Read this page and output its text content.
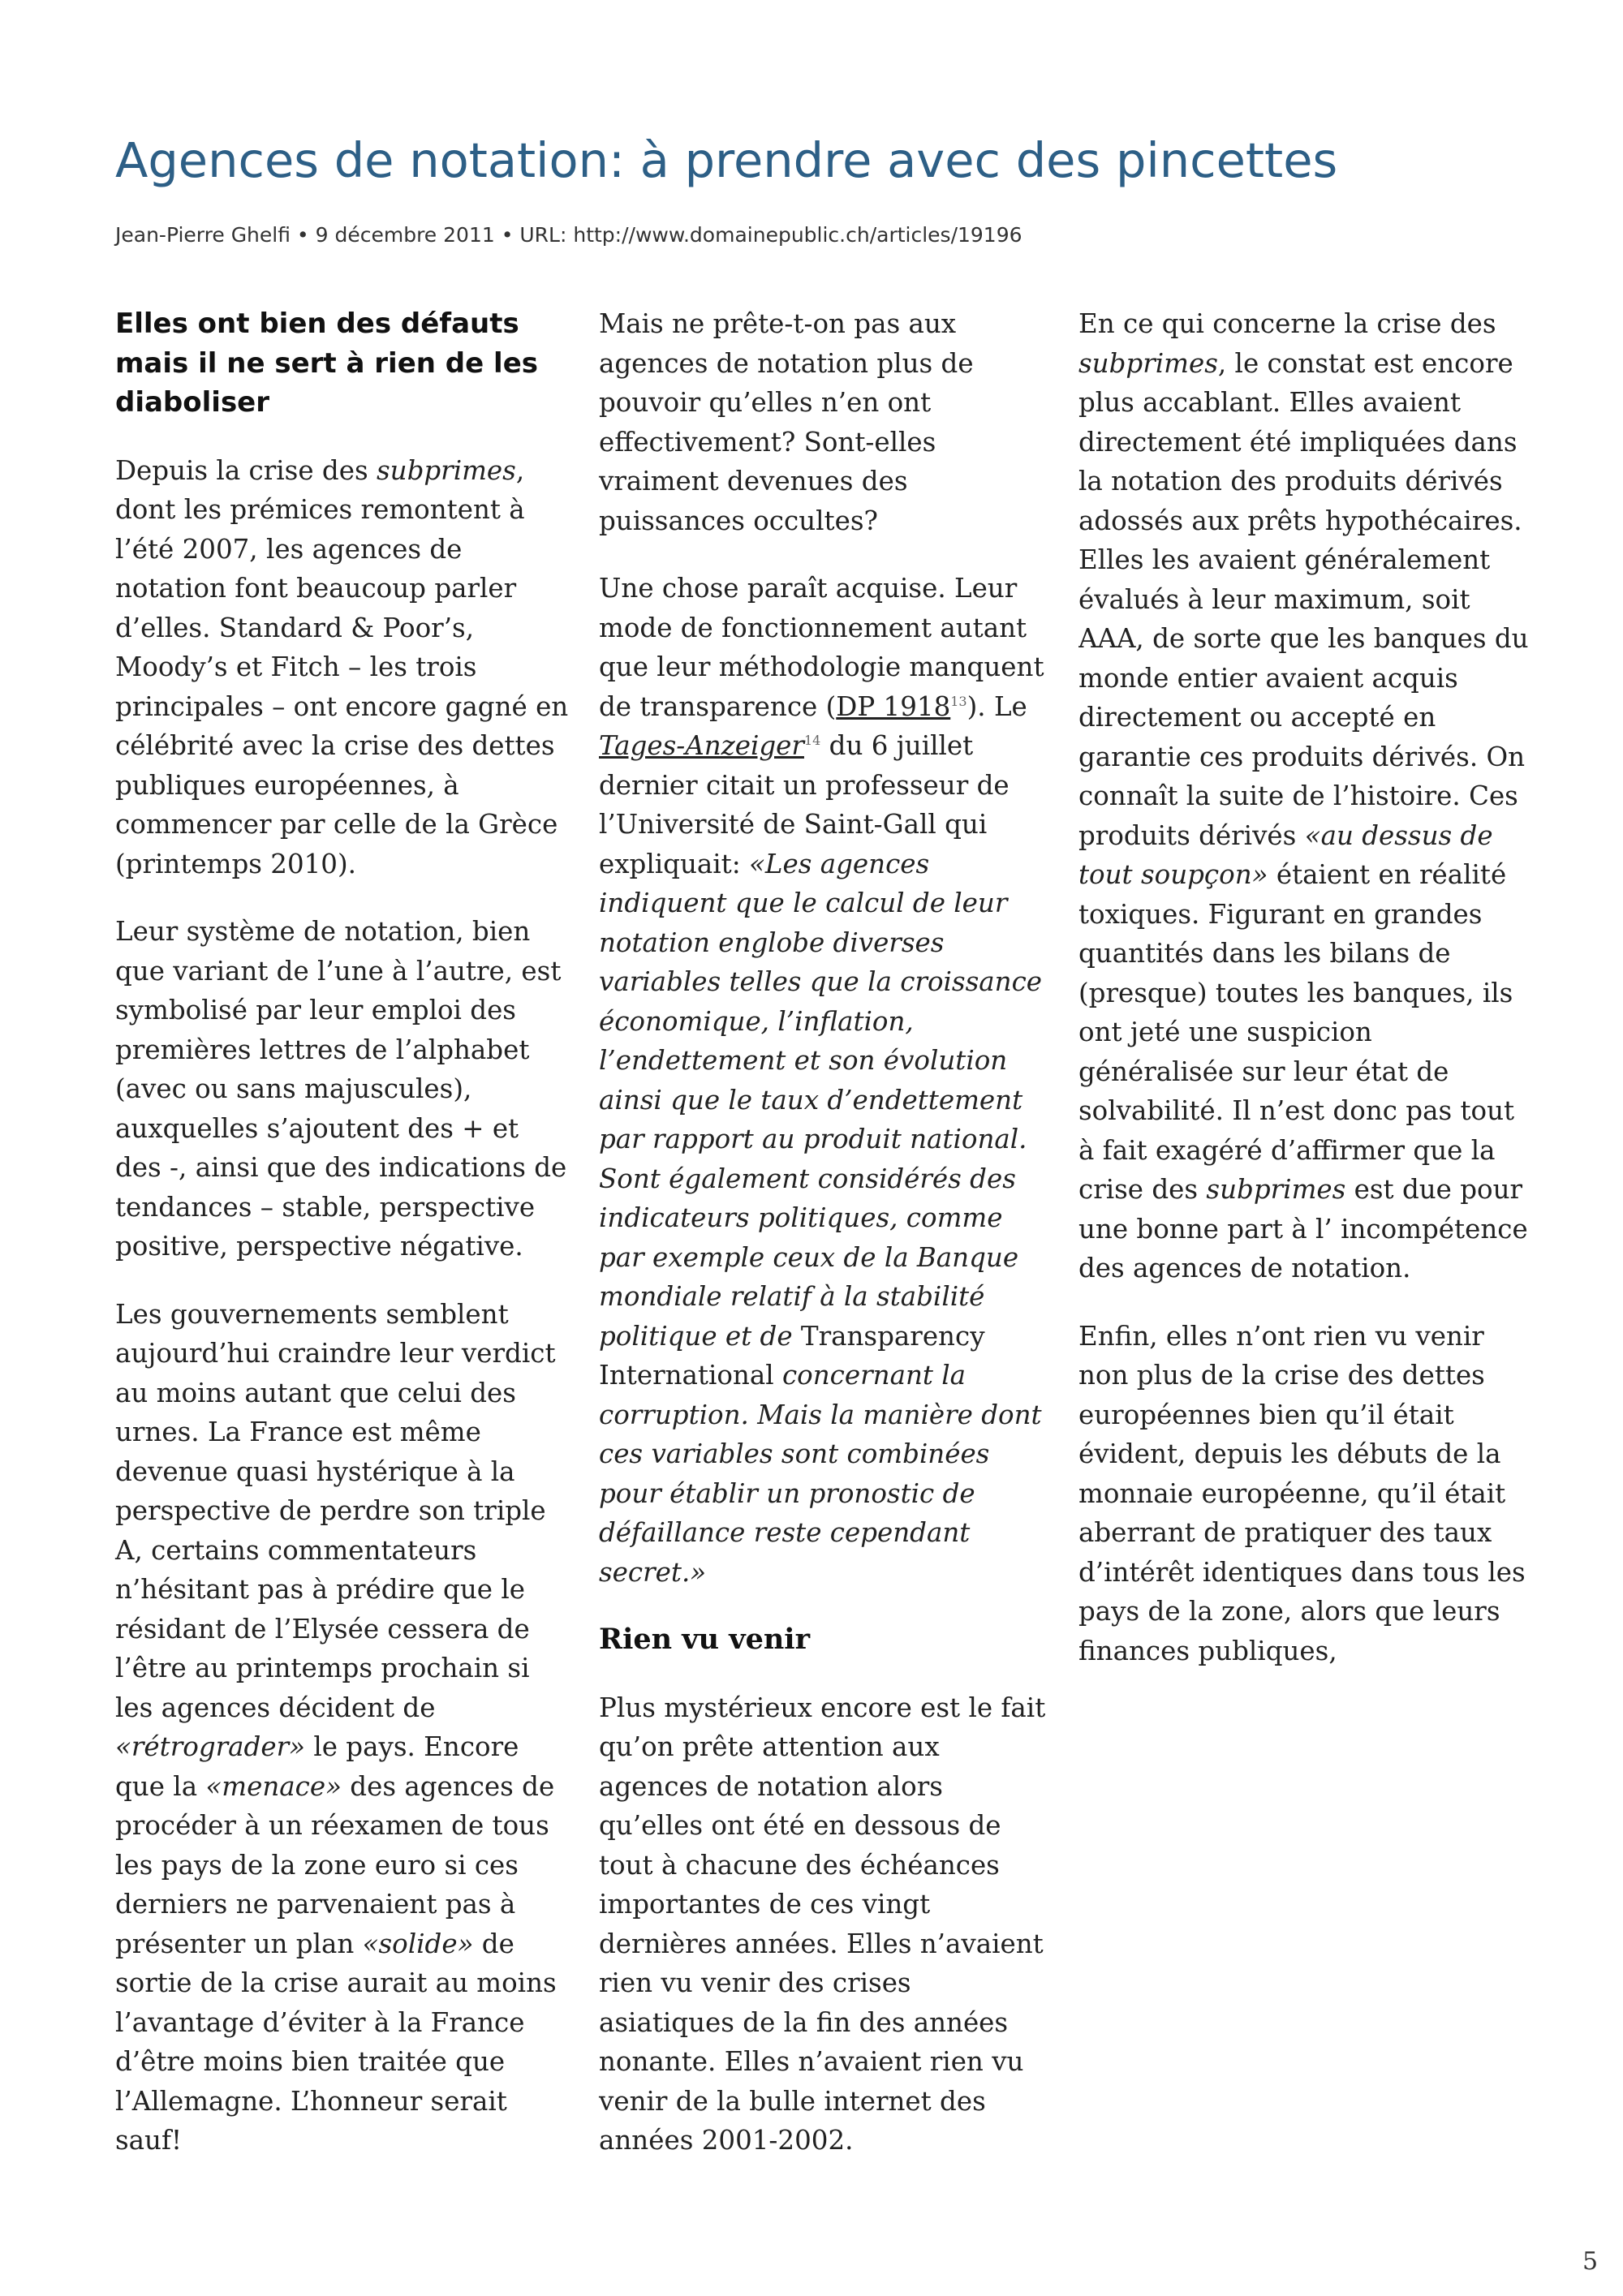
Agences de notation: à prendre avec des pincettes
Jean-Pierre Ghelfi • 9 décembre 2011 • URL: http://www.domainepublic.ch/articles/19196
Elles ont bien des défauts mais il ne sert à rien de les diaboliser

Depuis la crise des subprimes, dont les prémices remontent à l’été 2007, les agences de notation font beaucoup parler d’elles. Standard & Poor’s, Moody’s et Fitch – les trois principales – ont encore gagné en célébrité avec la crise des dettes publiques européennes, à commencer par celle de la Grèce (printemps 2010).

Leur système de notation, bien que variant de l’une à l’autre, est symbolisé par leur emploi des premières lettres de l’alphabet (avec ou sans majuscules), auxquelles s’ajoutent des + et des -, ainsi que des indications de tendances – stable, perspective positive, perspective négative.

Les gouvernements semblent aujourd’hui craindre leur verdict au moins autant que celui des urnes. La France est même devenue quasi hystérique à la perspective de perdre son triple A, certains commentateurs n’hésitant pas à prédire que le résidant de l’Elysée cessera de l’être au printemps prochain si les agences décident de «rétrograder» le pays. Encore que la «menace» des agences de procéder à un réexamen de tous les pays de la zone euro si ces derniers ne parvenaient pas à présenter un plan «solide» de sortie de la crise aurait au moins l’avantage d’éviter à la France d’être moins bien traitée que l’Allemagne. L’honneur serait sauf!

Mais ne prête-t-on pas aux agences de notation plus de pouvoir qu’elles n’en ont effectivement? Sont-elles vraiment devenues des puissances occultes?

Une chose paraît acquise. Leur mode de fonctionnement autant que leur méthodologie manquent de transparence (DP 1918$^{13}$). Le Tages-Anzeiger$^{14}$ du 6 juillet dernier citait un professeur de l’Université de Saint-Gall qui expliquait: «Les agences indiquent que le calcul de leur notation englobe diverses variables telles que la croissance économique, l’inflation, l’endettement et son évolution ainsi que le taux d’endettement par rapport au produit national. Sont également considérés des indicateurs politiques, comme par exemple ceux de la Banque mondiale relatif à la stabilité politique et de Transparency International concernant la corruption. Mais la manière dont ces variables sont combinées pour établir un pronostic de défaillance reste cependant secret.»

Rien vu venir

Plus mystérieux encore est le fait qu’on prête attention aux agences de notation alors qu’elles ont été en dessous de tout à chacune des échéances importantes de ces vingt dernières années. Elles n’avaient rien vu venir des crises asiatiques de la fin des années nonante. Elles n’avaient rien vu venir de la bulle internet des années 2001-2002.

En ce qui concerne la crise des subprimes, le constat est encore plus accablant. Elles avaient directement été impliquées dans la notation des produits dérivés adossés aux prêts hypothécaires. Elles les avaient généralement évalués à leur maximum, soit AAA, de sorte que les banques du monde entier avaient acquis directement ou accepté en garantie ces produits dérivés. On connaît la suite de l’histoire. Ces produits dérivés «au dessus de tout soupçon» étaient en réalité toxiques. Figurant en grandes quantités dans les bilans de (presque) toutes les banques, ils ont jeté une suspicion généralisée sur leur état de solvabilité. Il n’est donc pas tout à fait exagéré d’affirmer que la crise des subprimes est due pour une bonne part à l’ incompétence des agences de notation.

Enfin, elles n’ont rien vu venir non plus de la crise des dettes européennes bien qu’il était évident, depuis les débuts de la monnaie européenne, qu’il était aberrant de pratiquer des taux d’intérêt identiques dans tous les pays de la zone, alors que leurs finances publiques,

5
